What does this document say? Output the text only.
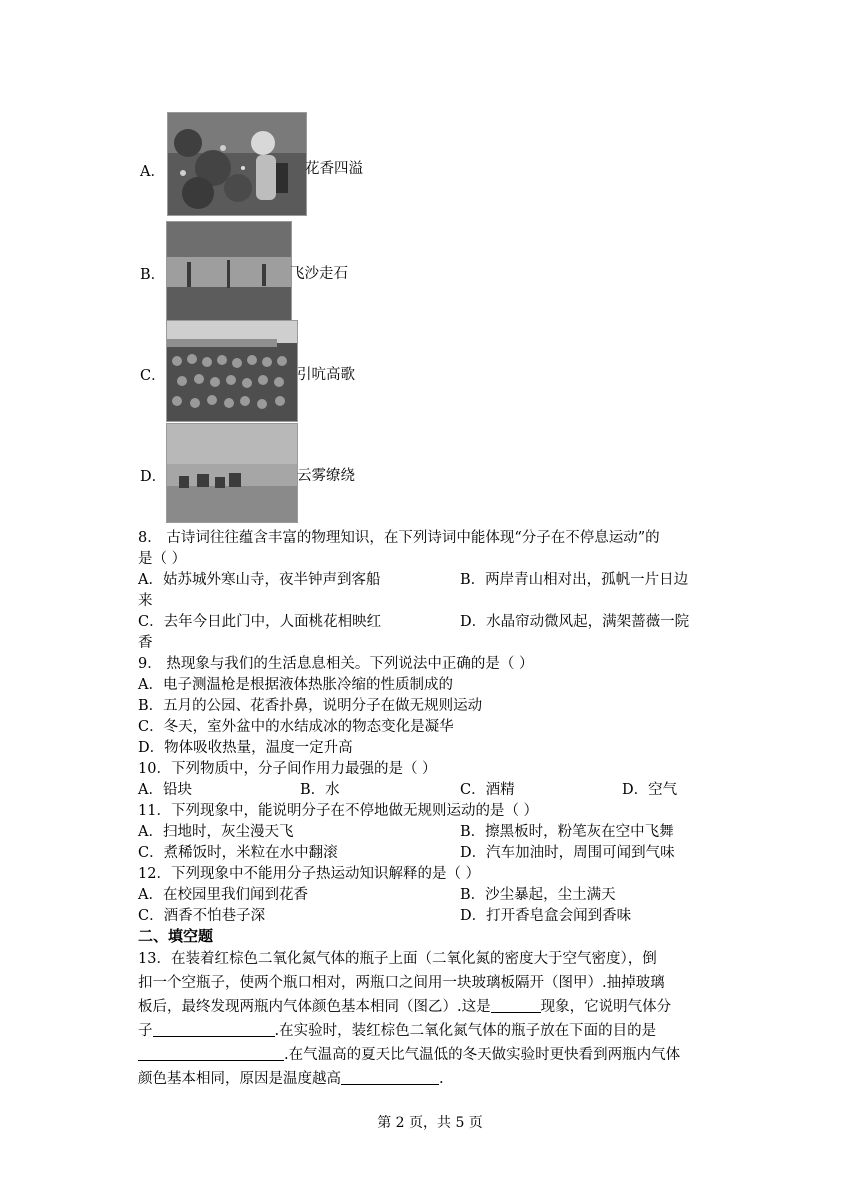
A．	花香四溢
B．	飞沙走石
C．	引吭高歌
D．	云雾缭绕
8． 古诗词往往蕴含丰富的物理知识，在下列诗词中能体现“分子在不停息运动”的
是（ ）
A．姑苏城外寒山寺，夜半钟声到客船	B．两岸青山相对出，孤帆一片日边
来
C．去年今日此门中，人面桃花相映红	D．水晶帘动微风起，满架蔷薇一院
香
9． 热现象与我们的生活息息相关。下列说法中正确的是（ ）
A．电子测温枪是根据液体热胀冷缩的性质制成的
B．五月的公园、花香扑鼻，说明分子在做无规则运动
C．冬天，室外盆中的水结成冰的物态变化是凝华
D．物体吸收热量，温度一定升高
10．下列物质中，分子间作用力最强的是（ ）
A．铅块	B．水	C．酒精	D．空气
11．下列现象中，能说明分子在不停地做无规则运动的是（ ）
A．扫地时，灰尘漫天飞	B．擦黑板时，粉笔灰在空中飞舞
C．煮稀饭时，米粒在水中翻滚	D．汽车加油时，周围可闻到气味
12．下列现象中不能用分子热运动知识解释的是（ ）
A．在校园里我们闻到花香	B．沙尘暴起，尘土满天
C．酒香不怕巷子深	D．打开香皂盒会闻到香味
二、填空题
13．在装着红棕色二氧化氮气体的瓶子上面（二氧化氮的密度大于空气密度），倒
扣一个空瓶子，使两个瓶口相对，两瓶口之间用一块玻璃板隔开（图甲）.抽掉玻璃
板后，最终发现两瓶内气体颜色基本相同（图乙）.这是	现象，它说明气体分
子	.在实验时，装红棕色二氧化氮气体的瓶子放在下面的目的是
.在气温高的夏天比气温低的冬天做实验时更快看到两瓶内气体
颜色基本相同，原因是温度越高	.
第 2 页，共 5 页
